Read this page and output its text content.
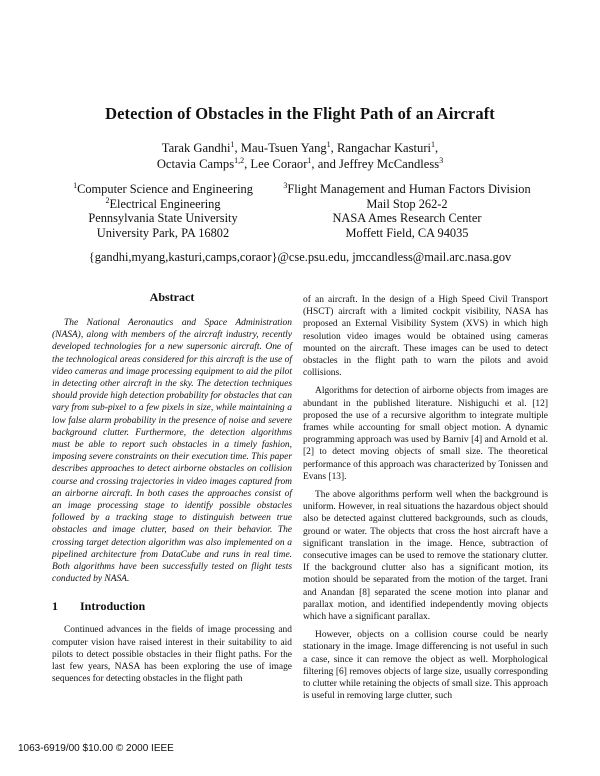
Detection of Obstacles in the Flight Path of an Aircraft
Tarak Gandhi$^1$, Mau-Tsuen Yang$^1$, Rangachar Kasturi$^1$,
Octavia Camps$^{1,2}$, Lee Coraor$^1$, and Jeffrey McCandless$^3$
$^1$Computer Science and Engineering
$^2$Electrical Engineering
Pennsylvania State University
University Park, PA 16802
$^3$Flight Management and Human Factors Division
Mail Stop 262-2
NASA Ames Research Center
Moffett Field, CA 94035
{gandhi,myang,kasturi,camps,coraor}@cse.psu.edu, jmccandless@mail.arc.nasa.gov
Abstract

The National Aeronautics and Space Administration (NASA), along with members of the aircraft industry, recently developed technologies for a new supersonic aircraft. One of the technological areas considered for this aircraft is the use of video cameras and image processing equipment to aid the pilot in detecting other aircraft in the sky. The detection techniques should provide high detection probability for obstacles that can vary from sub-pixel to a few pixels in size, while maintaining a low false alarm probability in the presence of noise and severe background clutter. Furthermore, the detection algorithms must be able to report such obstacles in a timely fashion, imposing severe constraints on their execution time. This paper describes approaches to detect airborne obstacles on collision course and crossing trajectories in video images captured from an airborne aircraft. In both cases the approaches consist of an image processing stage to identify possible obstacles followed by a tracking stage to distinguish between true obstacles and image clutter, based on their behavior. The crossing target detection algorithm was also implemented on a pipelined architecture from DataCube and runs in real time. Both algorithms have been successfully tested on flight tests conducted by NASA.

1 Introduction

Continued advances in the fields of image processing and computer vision have raised interest in their suitability to aid pilots to detect possible obstacles in their flight paths. For the last few years, NASA has been exploring the use of image sequences for detecting obstacles in the flight path

of an aircraft. In the design of a High Speed Civil Transport (HSCT) aircraft with a limited cockpit visibility, NASA has proposed an External Visibility System (XVS) in which high resolution video images would be obtained using cameras mounted on the aircraft. These images can be used to detect obstacles in the flight path to warn the pilots and avoid collisions.

Algorithms for detection of airborne objects from images are abundant in the published literature. Nishiguchi et al. [12] proposed the use of a recursive algorithm to integrate multiple frames while accounting for small object motion. A dynamic programming approach was used by Barniv [4] and Arnold et al. [2] to detect moving objects of small size. The theoretical performance of this approach was characterized by Tonissen and Evans [13].

The above algorithms perform well when the background is uniform. However, in real situations the hazardous object should also be detected against cluttered backgrounds, such as clouds, ground or water. The objects that cross the host aircraft have a significant translation in the image. Hence, subtraction of consecutive images can be used to remove the stationary clutter. If the background clutter also has a significant motion, its motion should be separated from the motion of the target. Irani and Anandan [8] separated the scene motion into planar and parallax motion, and identified independently moving objects which have a significant parallax.

However, objects on a collision course could be nearly stationary in the image. Image differencing is not useful in such a case, since it can remove the object as well. Morphological filtering [6] removes objects of large size, usually corresponding to clutter while retaining the objects of small size. This approach is useful in removing large clutter, such

1063-6919/00 $10.00 © 2000 IEEE
